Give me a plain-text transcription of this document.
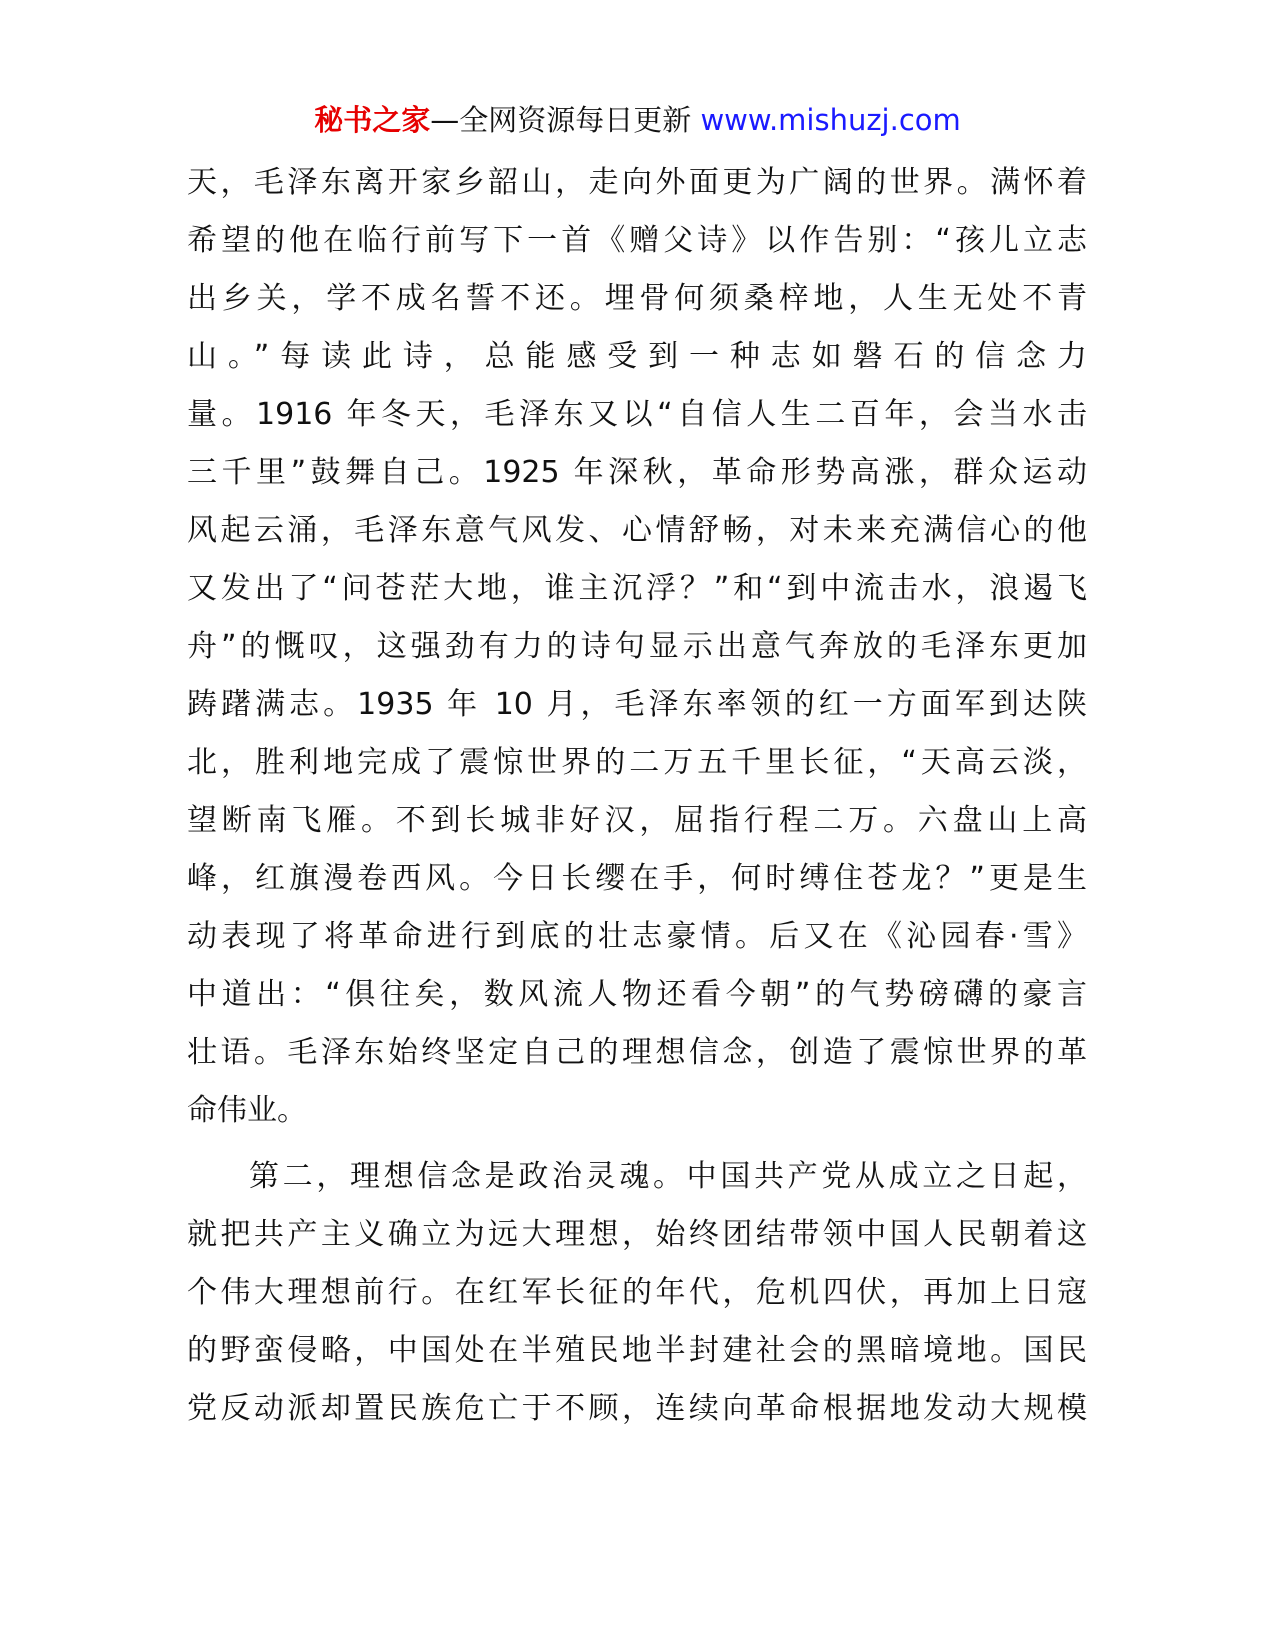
秘书之家—全网资源每日更新 www.mishuzj.com
天，毛泽东离开家乡韶山，走向外面更为广阔的世界。满怀着
希望的他在临行前写下一首《赠父诗》以作告别：“孩儿立志
出乡关，学不成名誓不还。埋骨何须桑梓地，人生无处不青
山。”每读此诗，总能感受到一种志如磐石的信念力
量。1916 年冬天，毛泽东又以“自信人生二百年，会当水击
三千里”鼓舞自己。1925 年深秋，革命形势高涨，群众运动
风起云涌，毛泽东意气风发、心情舒畅，对未来充满信心的他
又发出了“问苍茫大地，谁主沉浮？”和“到中流击水，浪遏飞
舟”的慨叹，这强劲有力的诗句显示出意气奔放的毛泽东更加
踌躇满志。1935 年 10 月，毛泽东率领的红一方面军到达陕
北，胜利地完成了震惊世界的二万五千里长征，“天高云淡，
望断南飞雁。不到长城非好汉，屈指行程二万。六盘山上高
峰，红旗漫卷西风。今日长缨在手，何时缚住苍龙？”更是生
动表现了将革命进行到底的壮志豪情。后又在《沁园春·雪》
中道出：“俱往矣，数风流人物还看今朝”的气势磅礴的豪言
壮语。毛泽东始终坚定自己的理想信念，创造了震惊世界的革
命伟业。
第二，理想信念是政治灵魂。中国共产党从成立之日起，
就把共产主义确立为远大理想，始终团结带领中国人民朝着这
个伟大理想前行。在红军长征的年代，危机四伏，再加上日寇
的野蛮侵略，中国处在半殖民地半封建社会的黑暗境地。国民
党反动派却置民族危亡于不顾，连续向革命根据地发动大规模
